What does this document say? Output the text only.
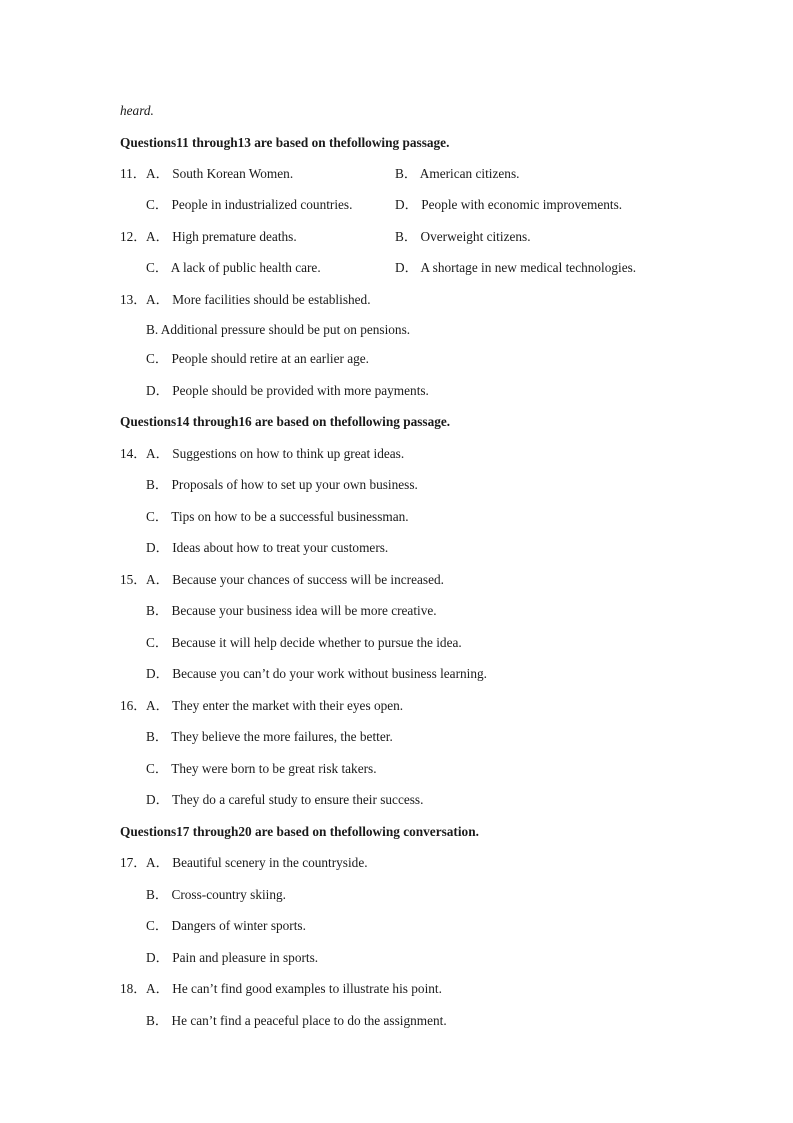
heard.
Questions11 through13 are based on thefollowing passage.
11． A． South Korean Women.	B． American citizens.
C． People in industrialized countries.	D． People with economic improvements.
12． A． High premature deaths.	B． Overweight citizens.
C． A lack of public health care.	D． A shortage in new medical technologies.
13． A． More facilities should be established.
B. Additional pressure should be put on pensions.
C． People should retire at an earlier age.
D． People should be provided with more payments.
Questions14 through16 are based on thefollowing passage.
14． A． Suggestions on how to think up great ideas.
B． Proposals of how to set up your own business.
C． Tips on how to be a successful businessman.
D． Ideas about how to treat your customers.
15． A． Because your chances of success will be increased.
B． Because your business idea will be more creative.
C． Because it will help decide whether to pursue the idea.
D． Because you can’t do your work without business learning.
16． A． They enter the market with their eyes open.
B． They believe the more failures, the better.
C． They were born to be great risk takers.
D． They do a careful study to ensure their success.
Questions17 through20 are based on thefollowing conversation.
17． A． Beautiful scenery in the countryside.
B． Cross-country skiing.
C． Dangers of winter sports.
D． Pain and pleasure in sports.
18． A． He can’t find good examples to illustrate his point.
B． He can’t find a peaceful place to do the assignment.
